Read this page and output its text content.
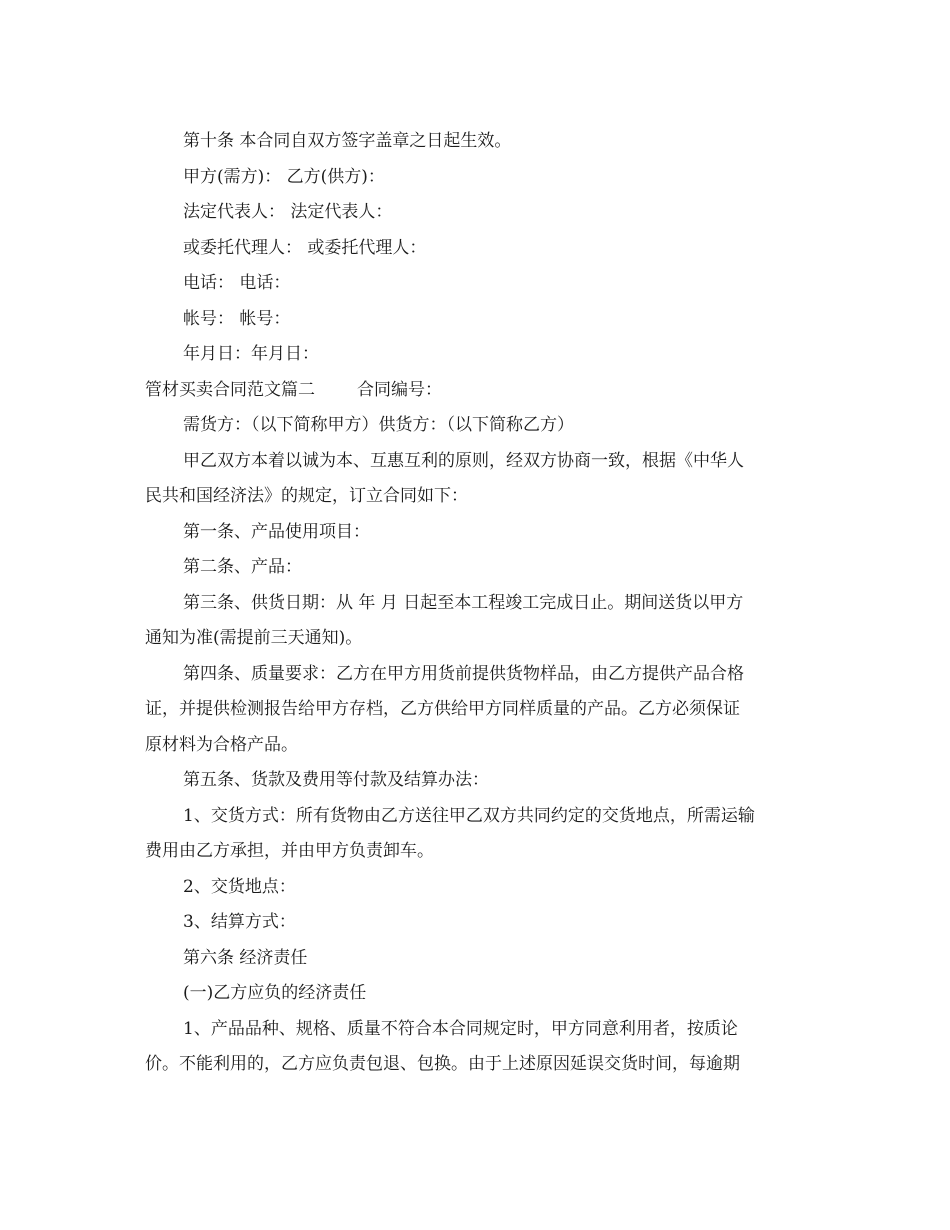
第十条 本合同自双方签字盖章之日起生效。

甲方(需方)： 乙方(供方)：

法定代表人： 法定代表人：

或委托代理人： 或委托代理人：

电话： 电话：

帐号： 帐号：

年月日：年月日：

管材买卖合同范文篇二 合同编号：

需货方：（以下简称甲方）供货方：（以下简称乙方）

甲乙双方本着以诚为本、互惠互利的原则，经双方协商一致，根据《中华人

民共和国经济法》的规定，订立合同如下：

第一条、产品使用项目：

第二条、产品：

第三条、供货日期：从 年 月 日起至本工程竣工完成日止。期间送货以甲方

通知为准(需提前三天通知)。

第四条、质量要求：乙方在甲方用货前提供货物样品，由乙方提供产品合格

证，并提供检测报告给甲方存档，乙方供给甲方同样质量的产品。乙方必须保证

原材料为合格产品。

第五条、货款及费用等付款及结算办法：

1、交货方式：所有货物由乙方送往甲乙双方共同约定的交货地点，所需运输

费用由乙方承担，并由甲方负责卸车。

2、交货地点：

3、结算方式：

第六条 经济责任

(一)乙方应负的经济责任

1、产品品种、规格、质量不符合本合同规定时，甲方同意利用者，按质论

价。不能利用的，乙方应负责包退、包换。由于上述原因延误交货时间，每逾期
